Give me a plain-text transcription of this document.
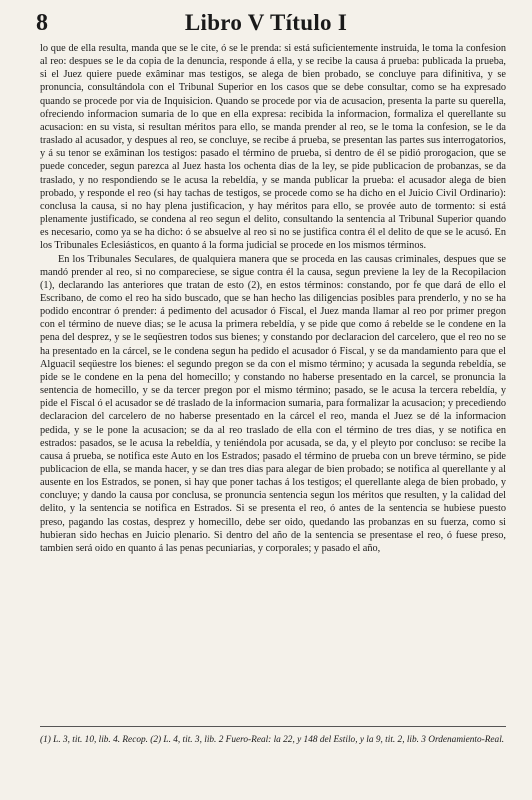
8	Libro V Título I

lo que de ella resulta, manda que se le cite, ó se le prenda: si está suficientemente instruida, le toma la confesion al reo: despues se le da copia de la denuncia, responde á ella, y se recibe la causa á prueba: publicada la prueba, si el Juez quiere puede exâminar mas testigos, se alega de bien probado, se concluye para difinitiva, y se pronuncia, consultándola con el Tribunal Superior en los casos que se debe consultar, como se ha expresado quando se procede por via de Inquisicion. Quando se procede por via de acusacion, presenta la parte su querella, ofreciendo informacion sumaria de lo que en ella expresa: recibida la informacion, formaliza el querellante su acusacion: en su vista, si resultan méritos para ello, se manda prender al reo, se le toma la confesion, se le da traslado al acusador, y despues al reo, se concluye, se recibe á prueba, se presentan las partes sus interrogatorios, y á su tenor se exâminan los testigos: pasado el término de prueba, si dentro de él se pidió prorogacion, que se puede conceder, segun parezca al Juez hasta los ochenta dias de la ley, se pide publicacion de probanzas, se da traslado, y no respondiendo se le acusa la rebeldía, y se manda publicar la prueba: el acusador alega de bien probado, y responde el reo (si hay tachas de testigos, se procede como se ha dicho en el Juicio Civil Ordinario): conclusa la causa, si no hay plena justificacion, y hay méritos para ello, se provée auto de tormento: si está plenamente justificado, se condena al reo segun el delito, consultando la sentencia al Tribunal Superior quando es necesario, como ya se ha dicho: ó se absuelve al reo si no se justifica contra él el delito de que se le acusó. En los Tribunales Eclesiásticos, en quanto á la forma judicial se procede en los mismos términos.

En los Tribunales Seculares, de qualquiera manera que se proceda en las causas criminales, despues que se mandó prender al reo, si no compareciese, se sigue contra él la causa, segun previene la ley de la Recopilacion (1), declarando las anteriores que tratan de esto (2), en estos términos: constando, por fe que dará de ello el Escribano, de como el reo ha sido buscado, que se han hecho las diligencias posibles para prenderlo, y no se ha podido encontrar ó prender: á pedimento del acusador ó Fiscal, el Juez manda llamar al reo por primer pregon con el término de nueve dias; se le acusa la primera rebeldía, y se pide que como á rebelde se le condene en la pena del desprez, y se le seqüestren todos sus bienes; y constando por declaracion del carcelero, que el reo no se ha presentado en la cárcel, se le condena segun ha pedido el acusador ó Fiscal, y se da mandamiento para que el Alguacil seqüestre los bienes: el segundo pregon se da con el mismo término; y acusada la segunda rebeldía, se pide se le condene en la pena del homecillo; y constando no haberse presentado en la carcel, se pronuncia la sentencia de homecillo, y se da tercer pregon por el mismo término; pasado, se le acusa la tercera rebeldía, y pide el Fiscal ó el acusador se dé traslado de la informacion sumaria, para formalizar la acusacion; y precediendo declaracion del carcelero de no haberse presentado en la cárcel el reo, manda el Juez se dé la informacion pedida, y se le pone la acusacion; se da al reo traslado de ella con el término de tres dias, y se notifica en estrados: pasados, se le acusa la rebeldía, y teniéndola por acusada, se da, y el pleyto por concluso: se recibe la causa á prueba, se notifica este Auto en los Estrados; pasado el término de prueba con un breve término, se pide publicacion de ella, se manda hacer, y se dan tres dias para alegar de bien probado; se notifica al querellante y al ausente en los Estrados, se ponen, si hay que poner tachas á los testigos; el querellante alega de bien probado, y concluye; y dando la causa por conclusa, se pronuncia sentencia segun los méritos que resulten, y la calidad del delito, y la sentencia se notifica en Estrados. Si se presenta el reo, ó antes de la sentencia se hubiese puesto preso, pagando las costas, desprez y homecillo, debe ser oido, quedando las probanzas en su fuerza, como si hubieran sido hechas en Juicio plenario. Si dentro del año de la sentencia se presentase el reo, ó fuese preso, tambien será oido en quanto á las penas pecuniarias, y corporales; y pasado el año,

(1) L. 3, tit. 10, lib. 4. Recop. (2) L. 4, tit. 3, lib. 2 Fuero-Real: la 22, y 148 del Estilo, y la 9, tit. 2, lib. 3 Ordenamiento-Real.
